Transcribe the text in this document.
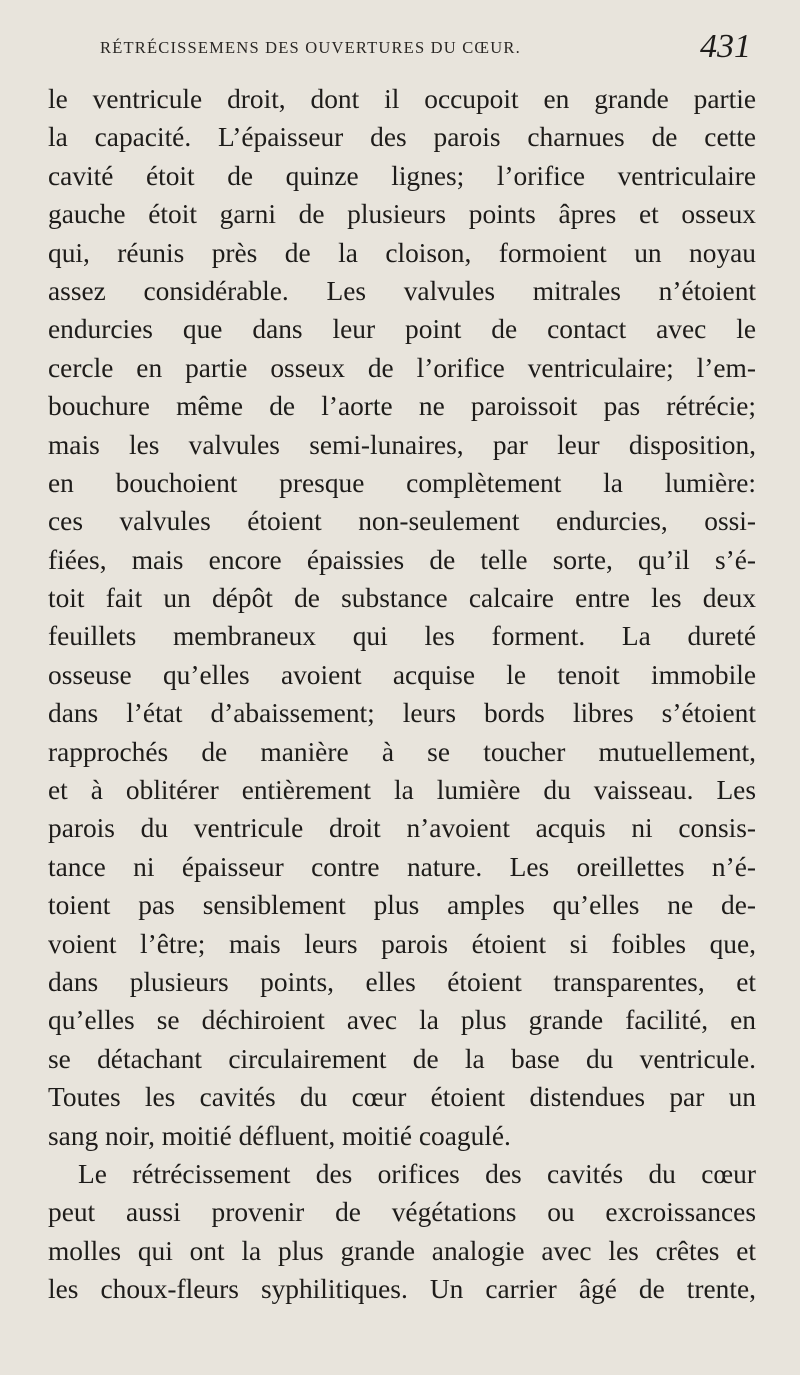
RÉTRÉCISSEMENS DES OUVERTURES DU CŒUR.	431
le ventricule droit, dont il occupoit en grande partie
la capacité. L’épaisseur des parois charnues de cette
cavité étoit de quinze lignes; l’orifice ventriculaire
gauche étoit garni de plusieurs points âpres et osseux
qui, réunis près de la cloison, formoient un noyau
assez considérable. Les valvules mitrales n’étoient
endurcies que dans leur point de contact avec le
cercle en partie osseux de l’orifice ventriculaire; l’em-
bouchure même de l’aorte ne paroissoit pas rétrécie;
mais les valvules semi-lunaires, par leur disposition,
en bouchoient presque complètement la lumière:
ces valvules étoient non-seulement endurcies, ossi-
fiées, mais encore épaissies de telle sorte, qu’il s’é-
toit fait un dépôt de substance calcaire entre les deux
feuillets membraneux qui les forment. La dureté
osseuse qu’elles avoient acquise le tenoit immobile
dans l’état d’abaissement; leurs bords libres s’étoient
rapprochés de manière à se toucher mutuellement,
et à oblitérer entièrement la lumière du vaisseau. Les
parois du ventricule droit n’avoient acquis ni consis-
tance ni épaisseur contre nature. Les oreillettes n’é-
toient pas sensiblement plus amples qu’elles ne de-
voient l’être; mais leurs parois étoient si foibles que,
dans plusieurs points, elles étoient transparentes, et
qu’elles se déchiroient avec la plus grande facilité, en
se détachant circulairement de la base du ventricule.
Toutes les cavités du cœur étoient distendues par un
sang noir, moitié défluent, moitié coagulé.
Le rétrécissement des orifices des cavités du cœur
peut aussi provenir de végétations ou excroissances
molles qui ont la plus grande analogie avec les crêtes et
les choux-fleurs syphilitiques. Un carrier âgé de trente,
